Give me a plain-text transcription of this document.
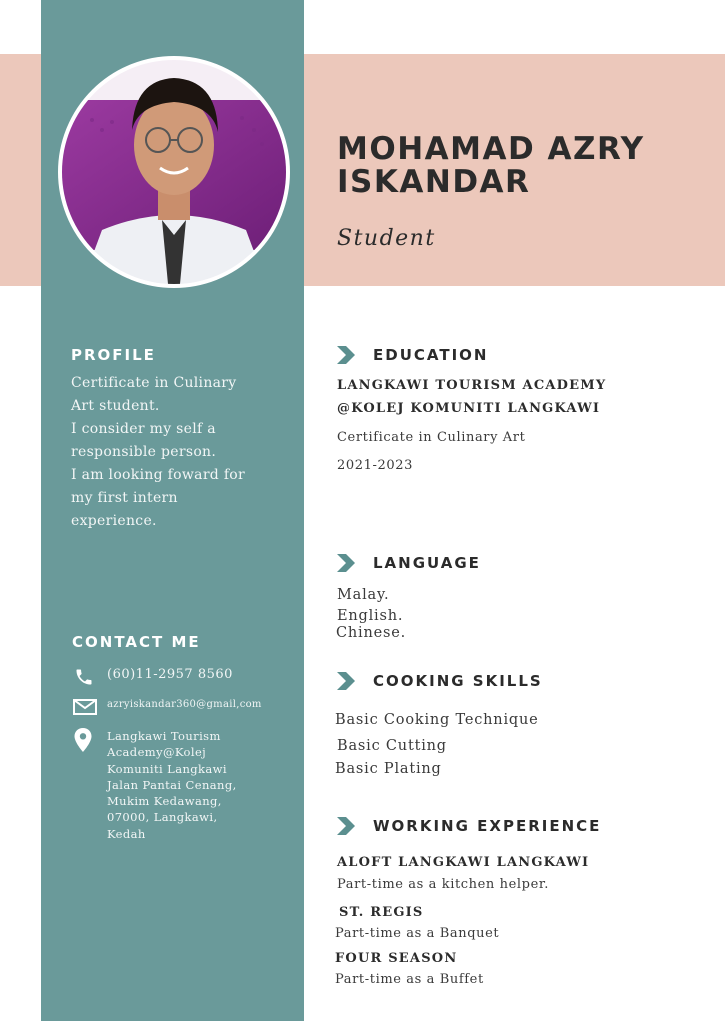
MOHAMAD AZRY
ISKANDAR
Student
PROFILE
Certificate in Culinary
Art student.
I consider my self a
responsible person.
I am looking foward for
my first intern
experience.
CONTACT ME
(60)11-2957 8560
azryiskandar360@gmail,com
Langkawi Tourism
Academy@Kolej
Komuniti Langkawi
Jalan Pantai Cenang,
Mukim Kedawang,
07000, Langkawi,
Kedah
EDUCATION
LANGKAWI TOURISM ACADEMY
@KOLEJ KOMUNITI LANGKAWI
Certificate in Culinary Art
2021-2023
LANGUAGE
Malay.
English.
Chinese.
COOKING SKILLS
Basic Cooking Technique
Basic Cutting
Basic Plating
WORKING EXPERIENCE
ALOFT LANGKAWI LANGKAWI
Part-time as a kitchen helper.
ST. REGIS
Part-time as a Banquet
FOUR SEASON
Part-time as a Buffet
